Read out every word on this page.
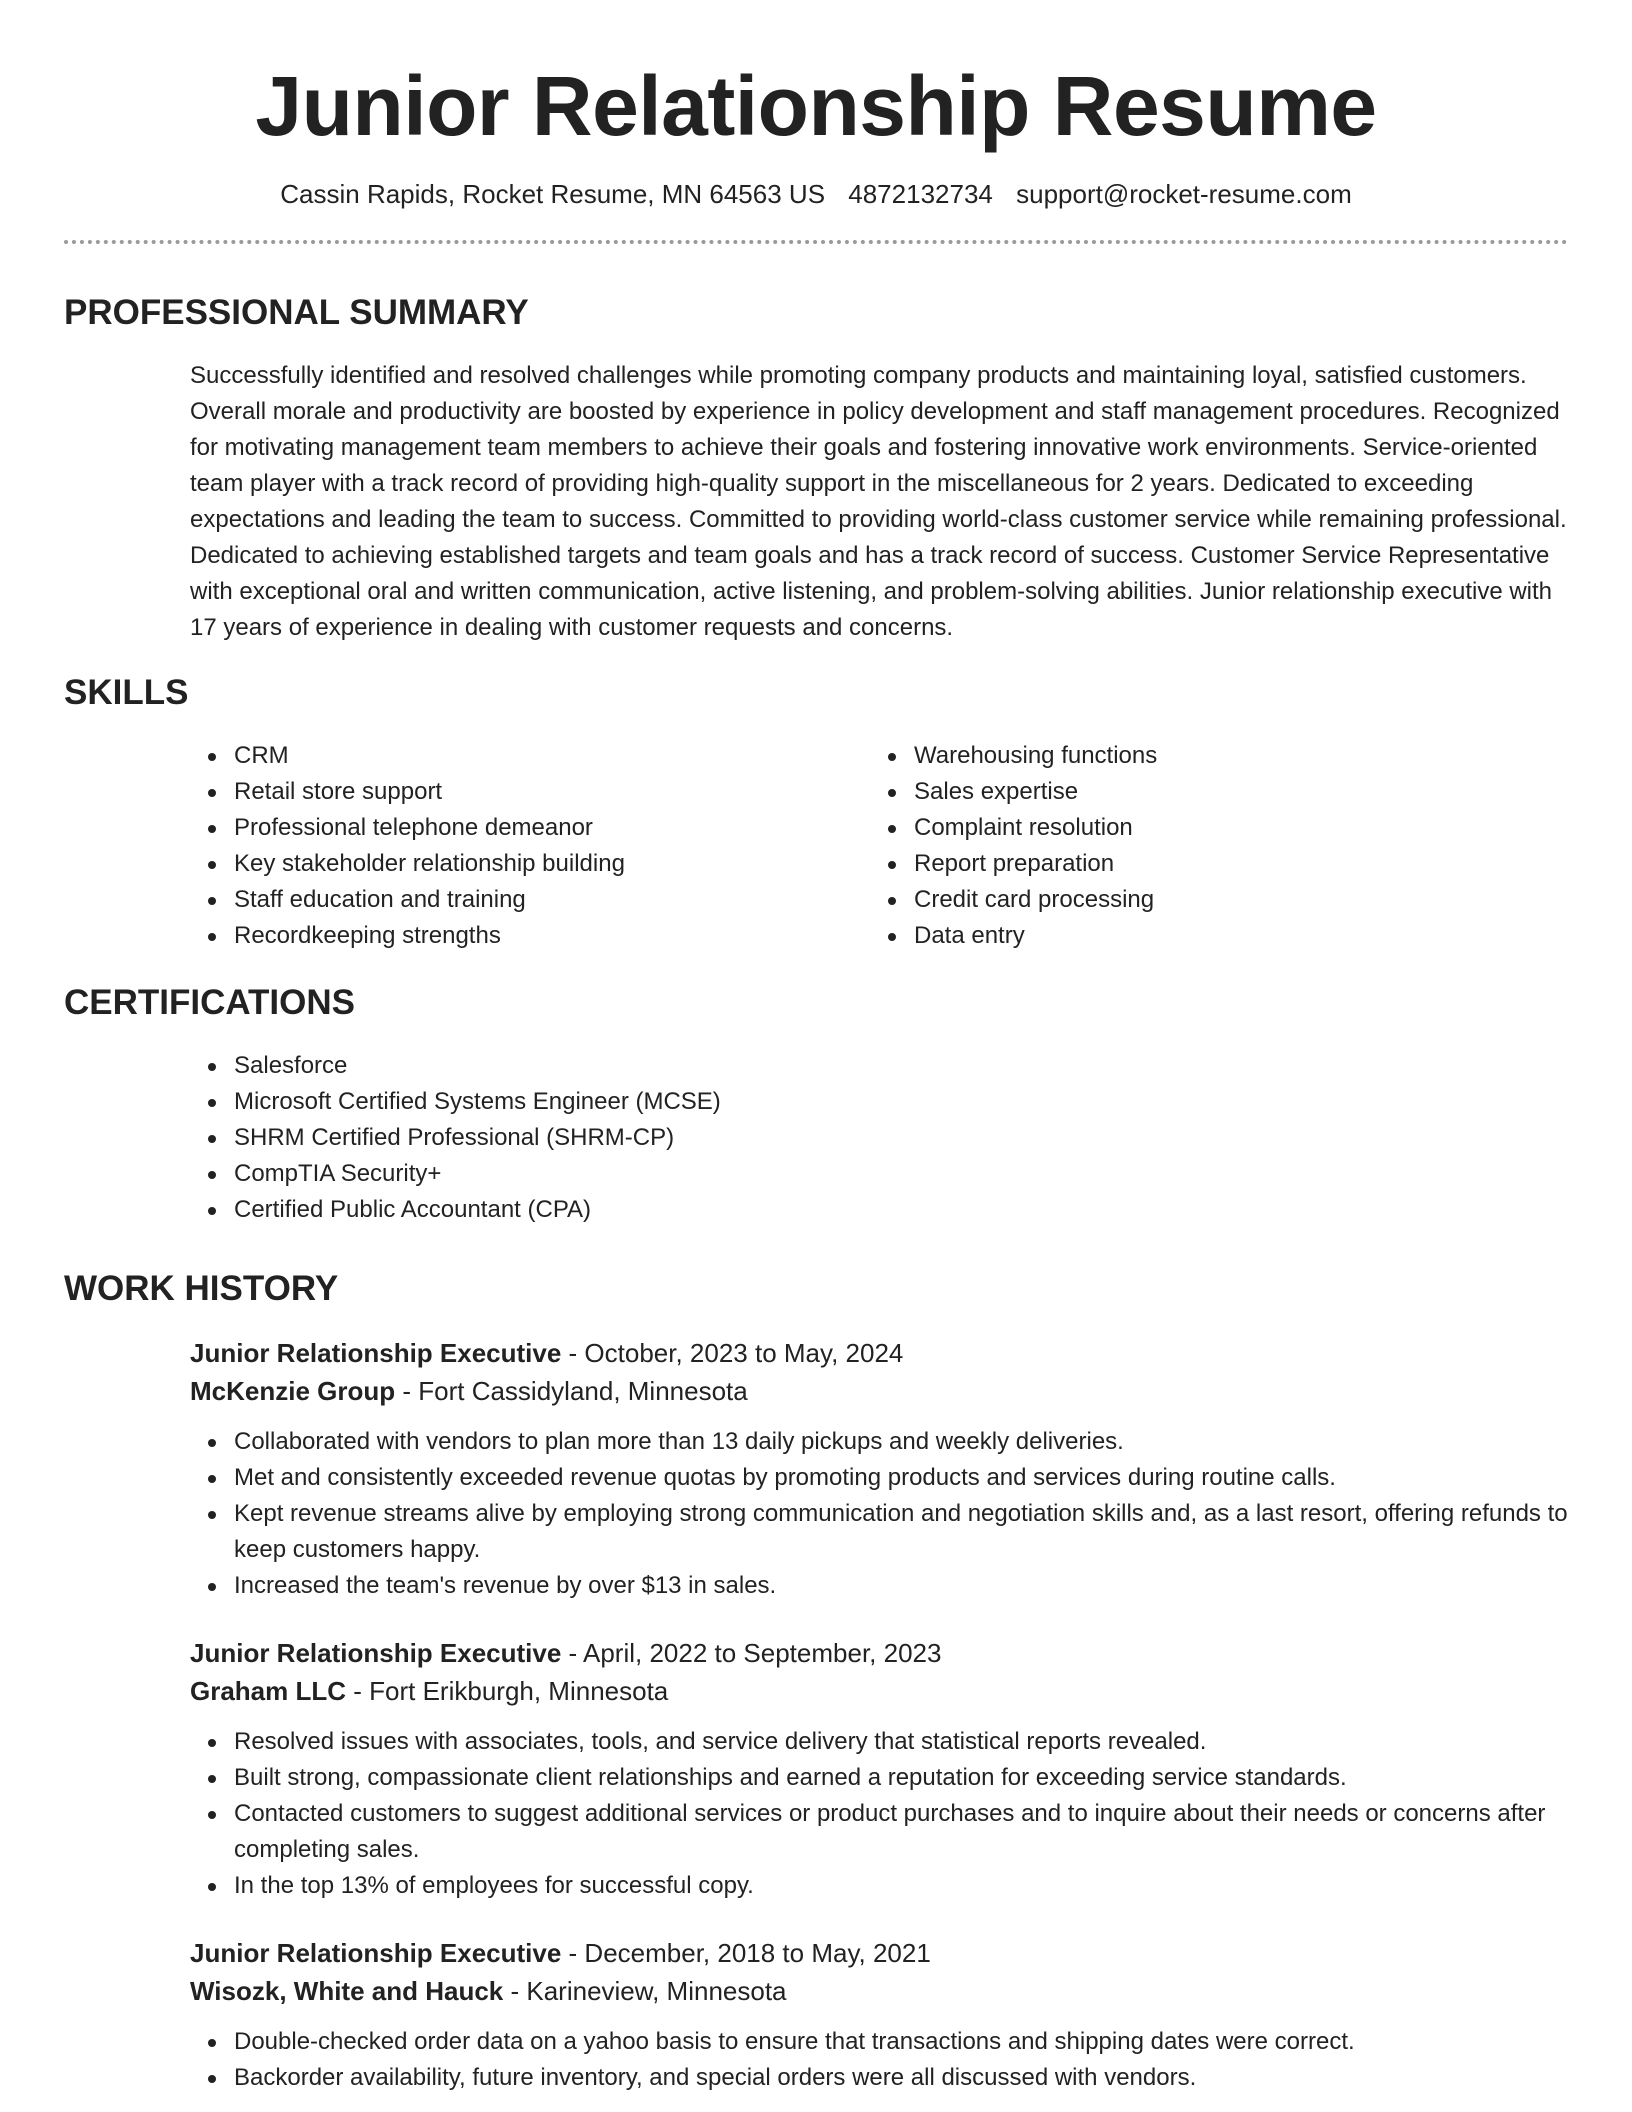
Junior Relationship Resume
Cassin Rapids, Rocket Resume, MN 64563 US 4872132734 support@rocket-resume.com
PROFESSIONAL SUMMARY

Successfully identified and resolved challenges while promoting company products and maintaining loyal, satisfied customers. Overall morale and productivity are boosted by experience in policy development and staff management procedures. Recognized for motivating management team members to achieve their goals and fostering innovative work environments. Service-oriented team player with a track record of providing high-quality support in the miscellaneous for 2 years. Dedicated to exceeding expectations and leading the team to success. Committed to providing world-class customer service while remaining professional. Dedicated to achieving established targets and team goals and has a track record of success. Customer Service Representative with exceptional oral and written communication, active listening, and problem-solving abilities. Junior relationship executive with 17 years of experience in dealing with customer requests and concerns.

SKILLS
CRM
Retail store support
Professional telephone demeanor
Key stakeholder relationship building
Staff education and training
Recordkeeping strengths
Warehousing functions
Sales expertise
Complaint resolution
Report preparation
Credit card processing
Data entry
CERTIFICATIONS
Salesforce
Microsoft Certified Systems Engineer (MCSE)
SHRM Certified Professional (SHRM-CP)
CompTIA Security+
Certified Public Accountant (CPA)
WORK HISTORY
Junior Relationship Executive - October, 2023 to May, 2024
McKenzie Group - Fort Cassidyland, Minnesota
Collaborated with vendors to plan more than 13 daily pickups and weekly deliveries.
Met and consistently exceeded revenue quotas by promoting products and services during routine calls.
Kept revenue streams alive by employing strong communication and negotiation skills and, as a last resort, offering refunds to keep customers happy.
Increased the team's revenue by over $13 in sales.
Junior Relationship Executive - April, 2022 to September, 2023
Graham LLC - Fort Erikburgh, Minnesota
Resolved issues with associates, tools, and service delivery that statistical reports revealed.
Built strong, compassionate client relationships and earned a reputation for exceeding service standards.
Contacted customers to suggest additional services or product purchases and to inquire about their needs or concerns after completing sales.
In the top 13% of employees for successful copy.
Junior Relationship Executive - December, 2018 to May, 2021
Wisozk, White and Hauck - Karineview, Minnesota
Double-checked order data on a yahoo basis to ensure that transactions and shipping dates were correct.
Backorder availability, future inventory, and special orders were all discussed with vendors.
